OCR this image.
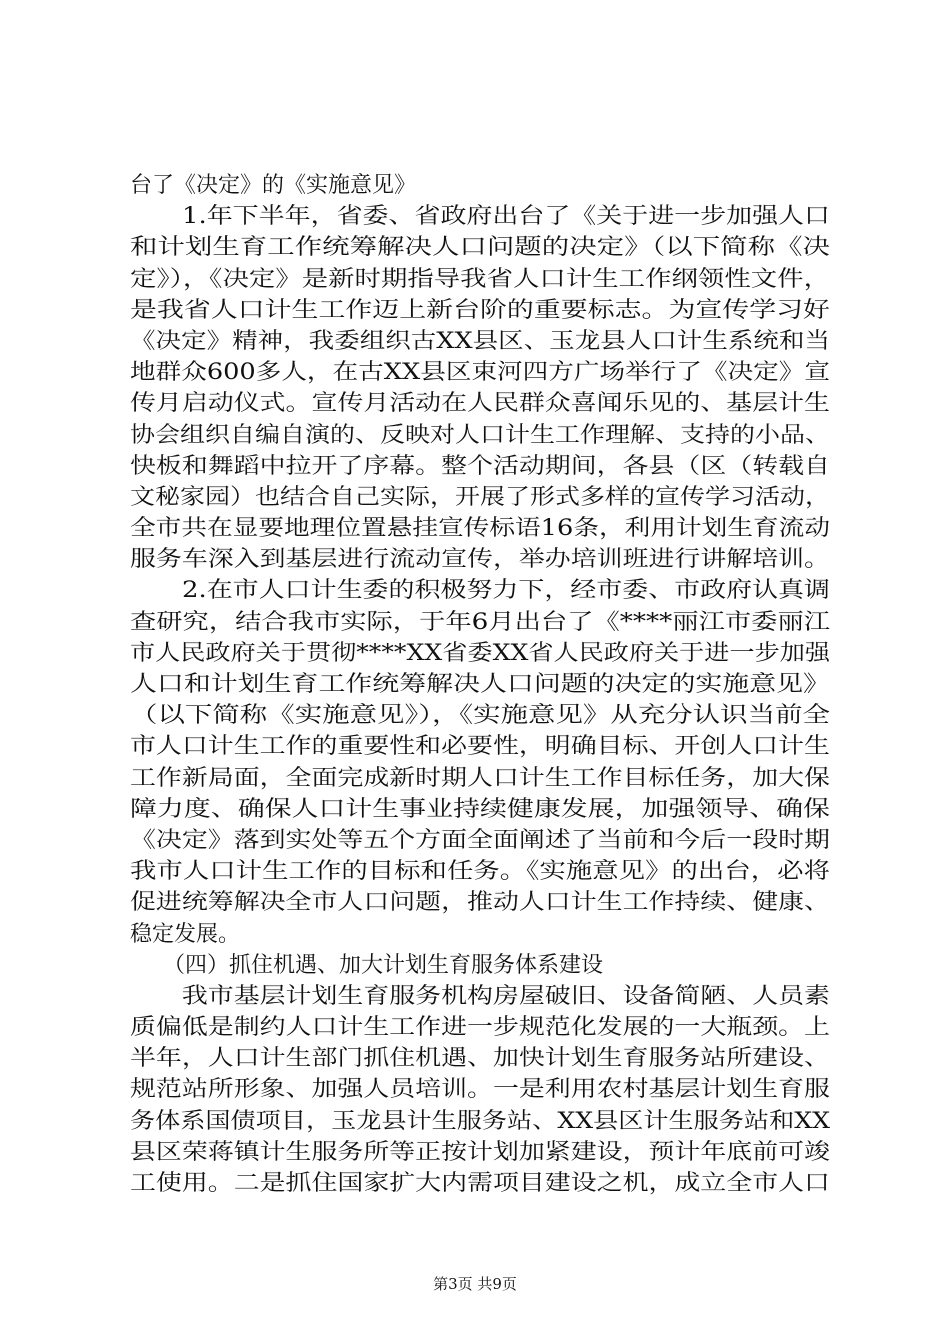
台了《决定》的《实施意见》
　　1.年下半年，省委、省政府出台了《关于进一步加强人口
和计划生育工作统筹解决人口问题的决定》（以下简称《决
定》），《决定》是新时期指导我省人口计生工作纲领性文件，
是我省人口计生工作迈上新台阶的重要标志。为宣传学习好
《决定》精神，我委组织古XX县区、玉龙县人口计生系统和当
地群众600多人，在古XX县区束河四方广场举行了《决定》宣
传月启动仪式。宣传月活动在人民群众喜闻乐见的、基层计生
协会组织自编自演的、反映对人口计生工作理解、支持的小品、
快板和舞蹈中拉开了序幕。整个活动期间，各县（区（转载自
文秘家园）也结合自己实际，开展了形式多样的宣传学习活动，
全市共在显要地理位置悬挂宣传标语16条，利用计划生育流动
服务车深入到基层进行流动宣传，举办培训班进行讲解培训。
　　2.在市人口计生委的积极努力下，经市委、市政府认真调
查研究，结合我市实际，于年6月出台了《****丽江市委丽江
市人民政府关于贯彻****XX省委XX省人民政府关于进一步加强
人口和计划生育工作统筹解决人口问题的决定的实施意见》
（以下简称《实施意见》），《实施意见》从充分认识当前全
市人口计生工作的重要性和必要性，明确目标、开创人口计生
工作新局面，全面完成新时期人口计生工作目标任务，加大保
障力度、确保人口计生事业持续健康发展，加强领导、确保
《决定》落到实处等五个方面全面阐述了当前和今后一段时期
我市人口计生工作的目标和任务。《实施意见》的出台，必将
促进统筹解决全市人口问题，推动人口计生工作持续、健康、
稳定发展。
　　（四）抓住机遇、加大计划生育服务体系建设
　　我市基层计划生育服务机构房屋破旧、设备简陋、人员素
质偏低是制约人口计生工作进一步规范化发展的一大瓶颈。上
半年，人口计生部门抓住机遇、加快计划生育服务站所建设、
规范站所形象、加强人员培训。一是利用农村基层计划生育服
务体系国债项目，玉龙县计生服务站、XX县区计生服务站和XX
县区荣蒋镇计生服务所等正按计划加紧建设，预计年底前可竣
工使用。二是抓住国家扩大内需项目建设之机，成立全市人口
第3页 共9页
